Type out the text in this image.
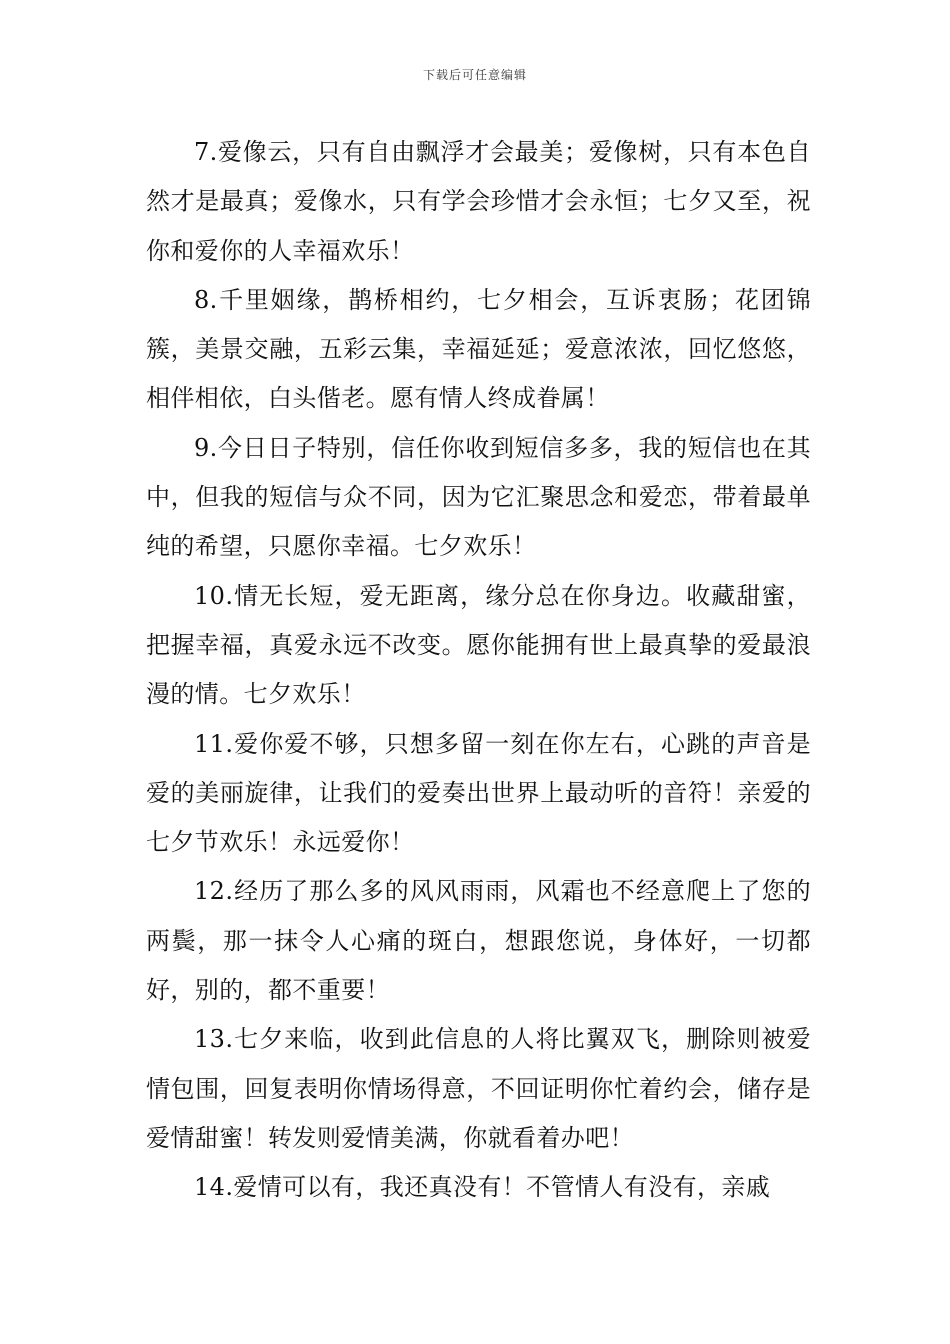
下载后可任意编辑

7.爱像云，只有自由飘浮才会最美；爱像树，只有本色自然才是最真；爱像水，只有学会珍惜才会永恒；七夕又至，祝你和爱你的人幸福欢乐！

8.千里姻缘，鹊桥相约，七夕相会，互诉衷肠；花团锦簇，美景交融，五彩云集，幸福延延；爱意浓浓，回忆悠悠，相伴相依，白头偕老。愿有情人终成眷属！

9.今日日子特别，信任你收到短信多多，我的短信也在其中，但我的短信与众不同，因为它汇聚思念和爱恋，带着最单纯的希望，只愿你幸福。七夕欢乐！

10.情无长短，爱无距离，缘分总在你身边。收藏甜蜜，把握幸福，真爱永远不改变。愿你能拥有世上最真挚的爱最浪漫的情。七夕欢乐！

11.爱你爱不够，只想多留一刻在你左右，心跳的声音是爱的美丽旋律，让我们的爱奏出世界上最动听的音符！亲爱的七夕节欢乐！永远爱你！

12.经历了那么多的风风雨雨，风霜也不经意爬上了您的两鬓，那一抹令人心痛的斑白，想跟您说，身体好，一切都好，别的，都不重要！

13.七夕来临，收到此信息的人将比翼双飞，删除则被爱情包围，回复表明你情场得意，不回证明你忙着约会，储存是爱情甜蜜！转发则爱情美满，你就看着办吧！

14.爱情可以有，我还真没有！不管情人有没有，亲戚
